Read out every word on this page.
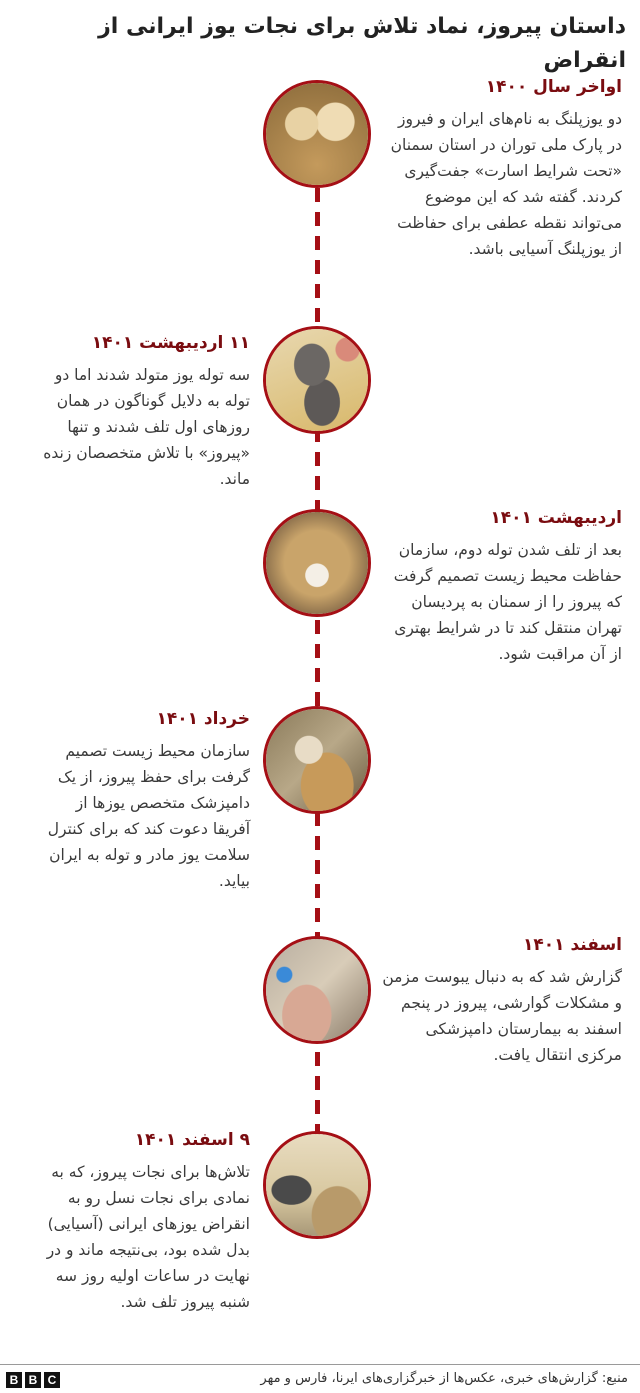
داستان پیروز، نماد تلاش برای نجات یوز ایرانی از انقراض
اواخر سال ۱۴۰۰

دو یوزپلنگ به نام‌های ایران و فیروز در پارک ملی توران در استان سمنان «تحت شرایط اسارت» جفت‌گیری کردند. گفته شد که این موضوع می‌تواند نقطه عطفی برای حفاظت از یوزپلنگ آسیایی باشد.

۱۱ اردیبهشت ۱۴۰۱

سه توله یوز متولد شدند اما دو توله به دلایل گوناگون در همان روزهای اول تلف شدند و تنها «پیروز» با تلاش متخصصان زنده ماند.

اردیبهشت ۱۴۰۱

بعد از تلف شدن توله دوم، سازمان حفاظت محیط زیست تصمیم گرفت که پیروز را از سمنان به پردیسان تهران منتقل کند تا در شرایط بهتری از آن مراقبت شود.

خرداد ۱۴۰۱

سازمان محیط زیست تصمیم گرفت برای حفظ پیروز، از یک دامپزشک متخصص یوزها از آفریقا دعوت کند که برای کنترل سلامت یوز مادر و توله به ایران بیاید.

اسفند ۱۴۰۱

گزارش شد که به دنبال یبوست مزمن و مشکلات گوارشی، پیروز در پنجم اسفند به بیمارستان دامپزشکی مرکزی انتقال یافت.

۹ اسفند ۱۴۰۱

تلاش‌ها برای نجات پیروز، که به نمادی برای نجات نسل رو به انقراض یوزهای ایرانی (آسیایی) بدل شده بود، بی‌نتیجه ماند و در نهایت در ساعات اولیه روز سه شنبه پیروز تلف شد.

B B C	منبع: گزارش‌های خبری، عکس‌ها از خبرگزاری‌های ایرنا، فارس و مهر
